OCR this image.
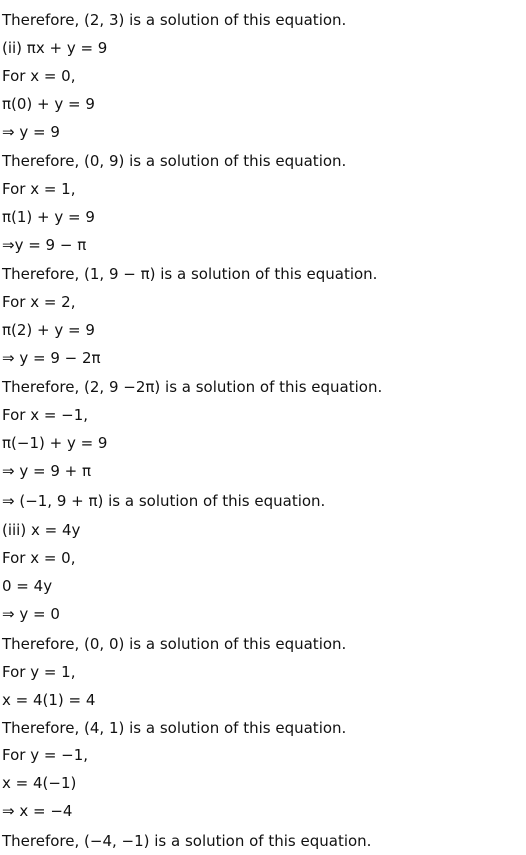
Therefore, (2, 3) is a solution of this equation.
(ii) πx + y = 9
For x = 0,
π(0) + y = 9
⇒ y = 9
Therefore, (0, 9) is a solution of this equation.
For x = 1,
π(1) + y = 9
⇒y = 9 − π
Therefore, (1, 9 − π) is a solution of this equation.
For x = 2,
π(2) + y = 9
⇒ y = 9 − 2π
Therefore, (2, 9 −2π) is a solution of this equation.
For x = −1,
π(−1) + y = 9
⇒ y = 9 + π
⇒ (−1, 9 + π) is a solution of this equation.
(iii) x = 4y
For x = 0,
0 = 4y
⇒ y = 0
Therefore, (0, 0) is a solution of this equation.
For y = 1,
x = 4(1) = 4
Therefore, (4, 1) is a solution of this equation.
For y = −1,
x = 4(−1)
⇒ x = −4
Therefore, (−4, −1) is a solution of this equation.
